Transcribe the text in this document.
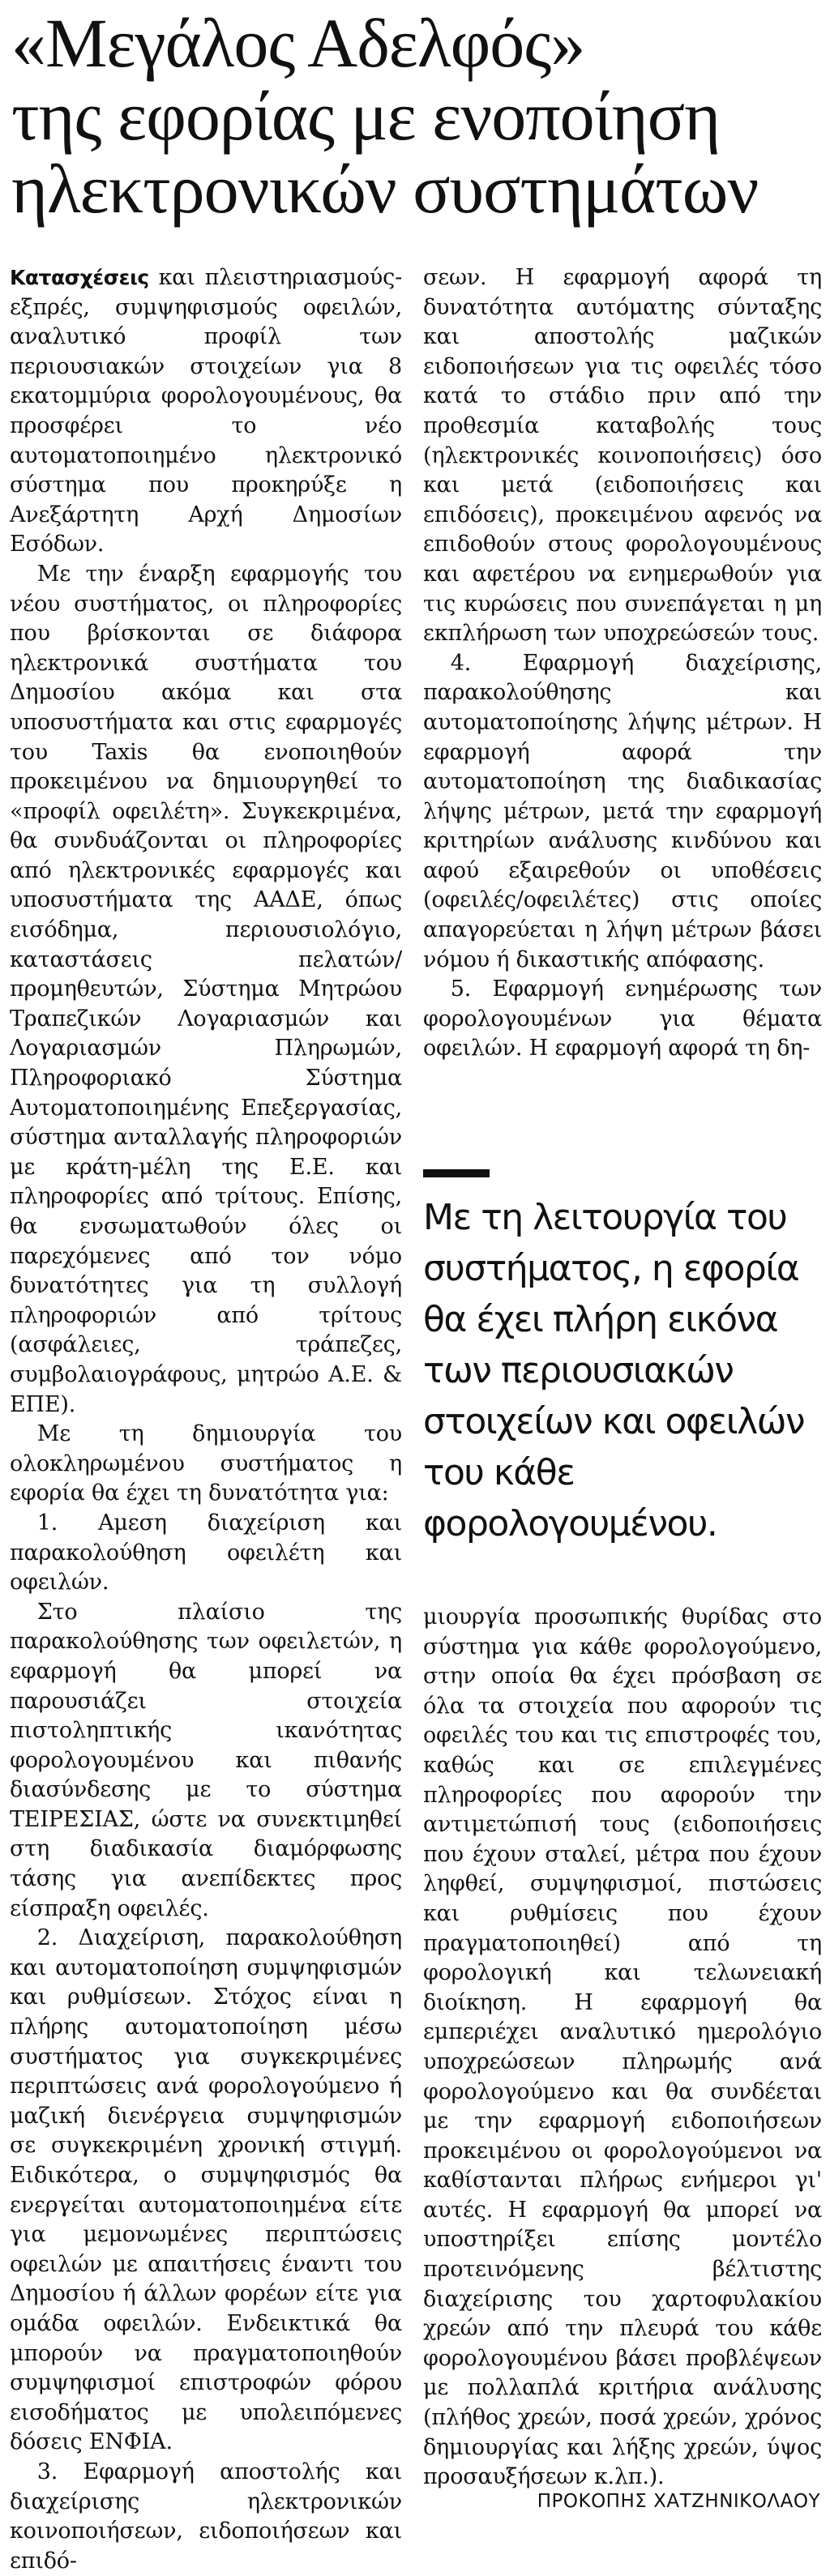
«Μεγάλος Αδελφός»
της εφορίας με ενοποίηση
ηλεκτρονικών συστημάτων

Κατασχέσεις και πλειστηριασμούς-εξπρές, συμψηφισμούς οφειλών, αναλυτικό προφίλ των περιουσιακών στοιχείων για 8 εκατομμύρια φορολογουμένους, θα προσφέρει το νέο αυτοματοποιημένο ηλεκτρονικό σύστημα που προκηρύξε η Ανεξάρτητη Αρχή Δημοσίων Εσόδων.

Με την έναρξη εφαρμογής του νέου συστήματος, οι πληροφορίες που βρίσκονται σε διάφορα ηλεκτρονικά συστήματα του Δημοσίου ακόμα και στα υποσυστήματα και στις εφαρμογές του Taxis θα ενοποιηθούν προκειμένου να δημιουργηθεί το «προφίλ οφειλέτη». Συγκεκριμένα, θα συνδυάζονται οι πληροφορίες από ηλεκτρονικές εφαρμογές και υποσυστήματα της ΑΑΔΕ, όπως εισόδημα, περιουσιολόγιο, καταστάσεις πελατών/προμηθευτών, Σύστημα Μητρώου Τραπεζικών Λογαριασμών και Λογαριασμών Πληρωμών, Πληροφοριακό Σύστημα Αυτοματοποιημένης Επεξεργασίας, σύστημα ανταλλαγής πληροφοριών με κράτη-μέλη της Ε.Ε. και πληροφορίες από τρίτους. Επίσης, θα ενσωματωθούν όλες οι παρεχόμενες από τον νόμο δυνατότητες για τη συλλογή πληροφοριών από τρίτους (ασφάλειες, τράπεζες, συμβολαιογράφους, μητρώο Α.Ε. & ΕΠΕ).

Με τη δημιουργία του ολοκληρωμένου συστήματος η εφορία θα έχει τη δυνατότητα για:

1. Αμεση διαχείριση και παρακολούθηση οφειλέτη και οφειλών.

Στο πλαίσιο της παρακολούθησης των οφειλετών, η εφαρμογή θα μπορεί να παρουσιάζει στοιχεία πιστοληπτικής ικανότητας φορολογουμένου και πιθανής διασύνδεσης με το σύστημα ΤΕΙΡΕΣΙΑΣ, ώστε να συνεκτιμηθεί στη διαδικασία διαμόρφωσης τάσης για ανεπίδεκτες προς είσπραξη οφειλές.

2. Διαχείριση, παρακολούθηση και αυτοματοποίηση συμψηφισμών και ρυθμίσεων. Στόχος είναι η πλήρης αυτοματοποίηση μέσω συστήματος για συγκεκριμένες περιπτώσεις ανά φορολογούμενο ή μαζική διενέργεια συμψηφισμών σε συγκεκριμένη χρονική στιγμή. Ειδικότερα, ο συμψηφισμός θα ενεργείται αυτοματοποιημένα είτε για μεμονωμένες περιπτώσεις οφειλών με απαιτήσεις έναντι του Δημοσίου ή άλλων φορέων είτε για ομάδα οφειλών. Ενδεικτικά θα μπορούν να πραγματοποιηθούν συμψηφισμοί επιστροφών φόρου εισοδήματος με υπολειπόμενες δόσεις ΕΝΦΙΑ.

3. Εφαρμογή αποστολής και διαχείρισης ηλεκτρονικών κοινοποιήσεων, ειδοποιήσεων και επιδό-

σεων. Η εφαρμογή αφορά τη δυνατότητα αυτόματης σύνταξης και αποστολής μαζικών ειδοποιήσεων για τις οφειλές τόσο κατά το στάδιο πριν από την προθεσμία καταβολής τους (ηλεκτρονικές κοινοποιήσεις) όσο και μετά (ειδοποιήσεις και επιδόσεις), προκειμένου αφενός να επιδοθούν στους φορολογουμένους και αφετέρου να ενημερωθούν για τις κυρώσεις που συνεπάγεται η μη εκπλήρωση των υποχρεώσεών τους.

4. Εφαρμογή διαχείρισης, παρακολούθησης και αυτοματοποίησης λήψης μέτρων. Η εφαρμογή αφορά την αυτοματοποίηση της διαδικασίας λήψης μέτρων, μετά την εφαρμογή κριτηρίων ανάλυσης κινδύνου και αφού εξαιρεθούν οι υποθέσεις (οφειλές/οφειλέτες) στις οποίες απαγορεύεται η λήψη μέτρων βάσει νόμου ή δικαστικής απόφασης.

5. Εφαρμογή ενημέρωσης των φορολογουμένων για θέματα οφειλών. Η εφαρμογή αφορά τη δη-

Με τη λειτουργία του συστήματος, η εφορία θα έχει πλήρη εικόνα των περιουσιακών στοιχείων και οφειλών του κάθε φορολογουμένου.

μιουργία προσωπικής θυρίδας στο σύστημα για κάθε φορολογούμενο, στην οποία θα έχει πρόσβαση σε όλα τα στοιχεία που αφορούν τις οφειλές του και τις επιστροφές του, καθώς και σε επιλεγμένες πληροφορίες που αφορούν την αντιμετώπισή τους (ειδοποιήσεις που έχουν σταλεί, μέτρα που έχουν ληφθεί, συμψηφισμοί, πιστώσεις και ρυθμίσεις που έχουν πραγματοποιηθεί) από τη φορολογική και τελωνειακή διοίκηση. Η εφαρμογή θα εμπεριέχει αναλυτικό ημερολόγιο υποχρεώσεων πληρωμής ανά φορολογούμενο και θα συνδέεται με την εφαρμογή ειδοποιήσεων προκειμένου οι φορολογούμενοι να καθίστανται πλήρως ενήμεροι γι' αυτές. Η εφαρμογή θα μπορεί να υποστηρίξει επίσης μοντέλο προτεινόμενης βέλτιστης διαχείρισης του χαρτοφυλακίου χρεών από την πλευρά του κάθε φορολογουμένου βάσει προβλέψεων με πολλαπλά κριτήρια ανάλυσης (πλήθος χρεών, ποσά χρεών, χρόνος δημιουργίας και λήξης χρεών, ύψος προσαυξήσεων κ.λπ.).

ΠΡΟΚΟΠΗΣ ΧΑΤΖΗΝΙΚΟΛΑΟΥ
